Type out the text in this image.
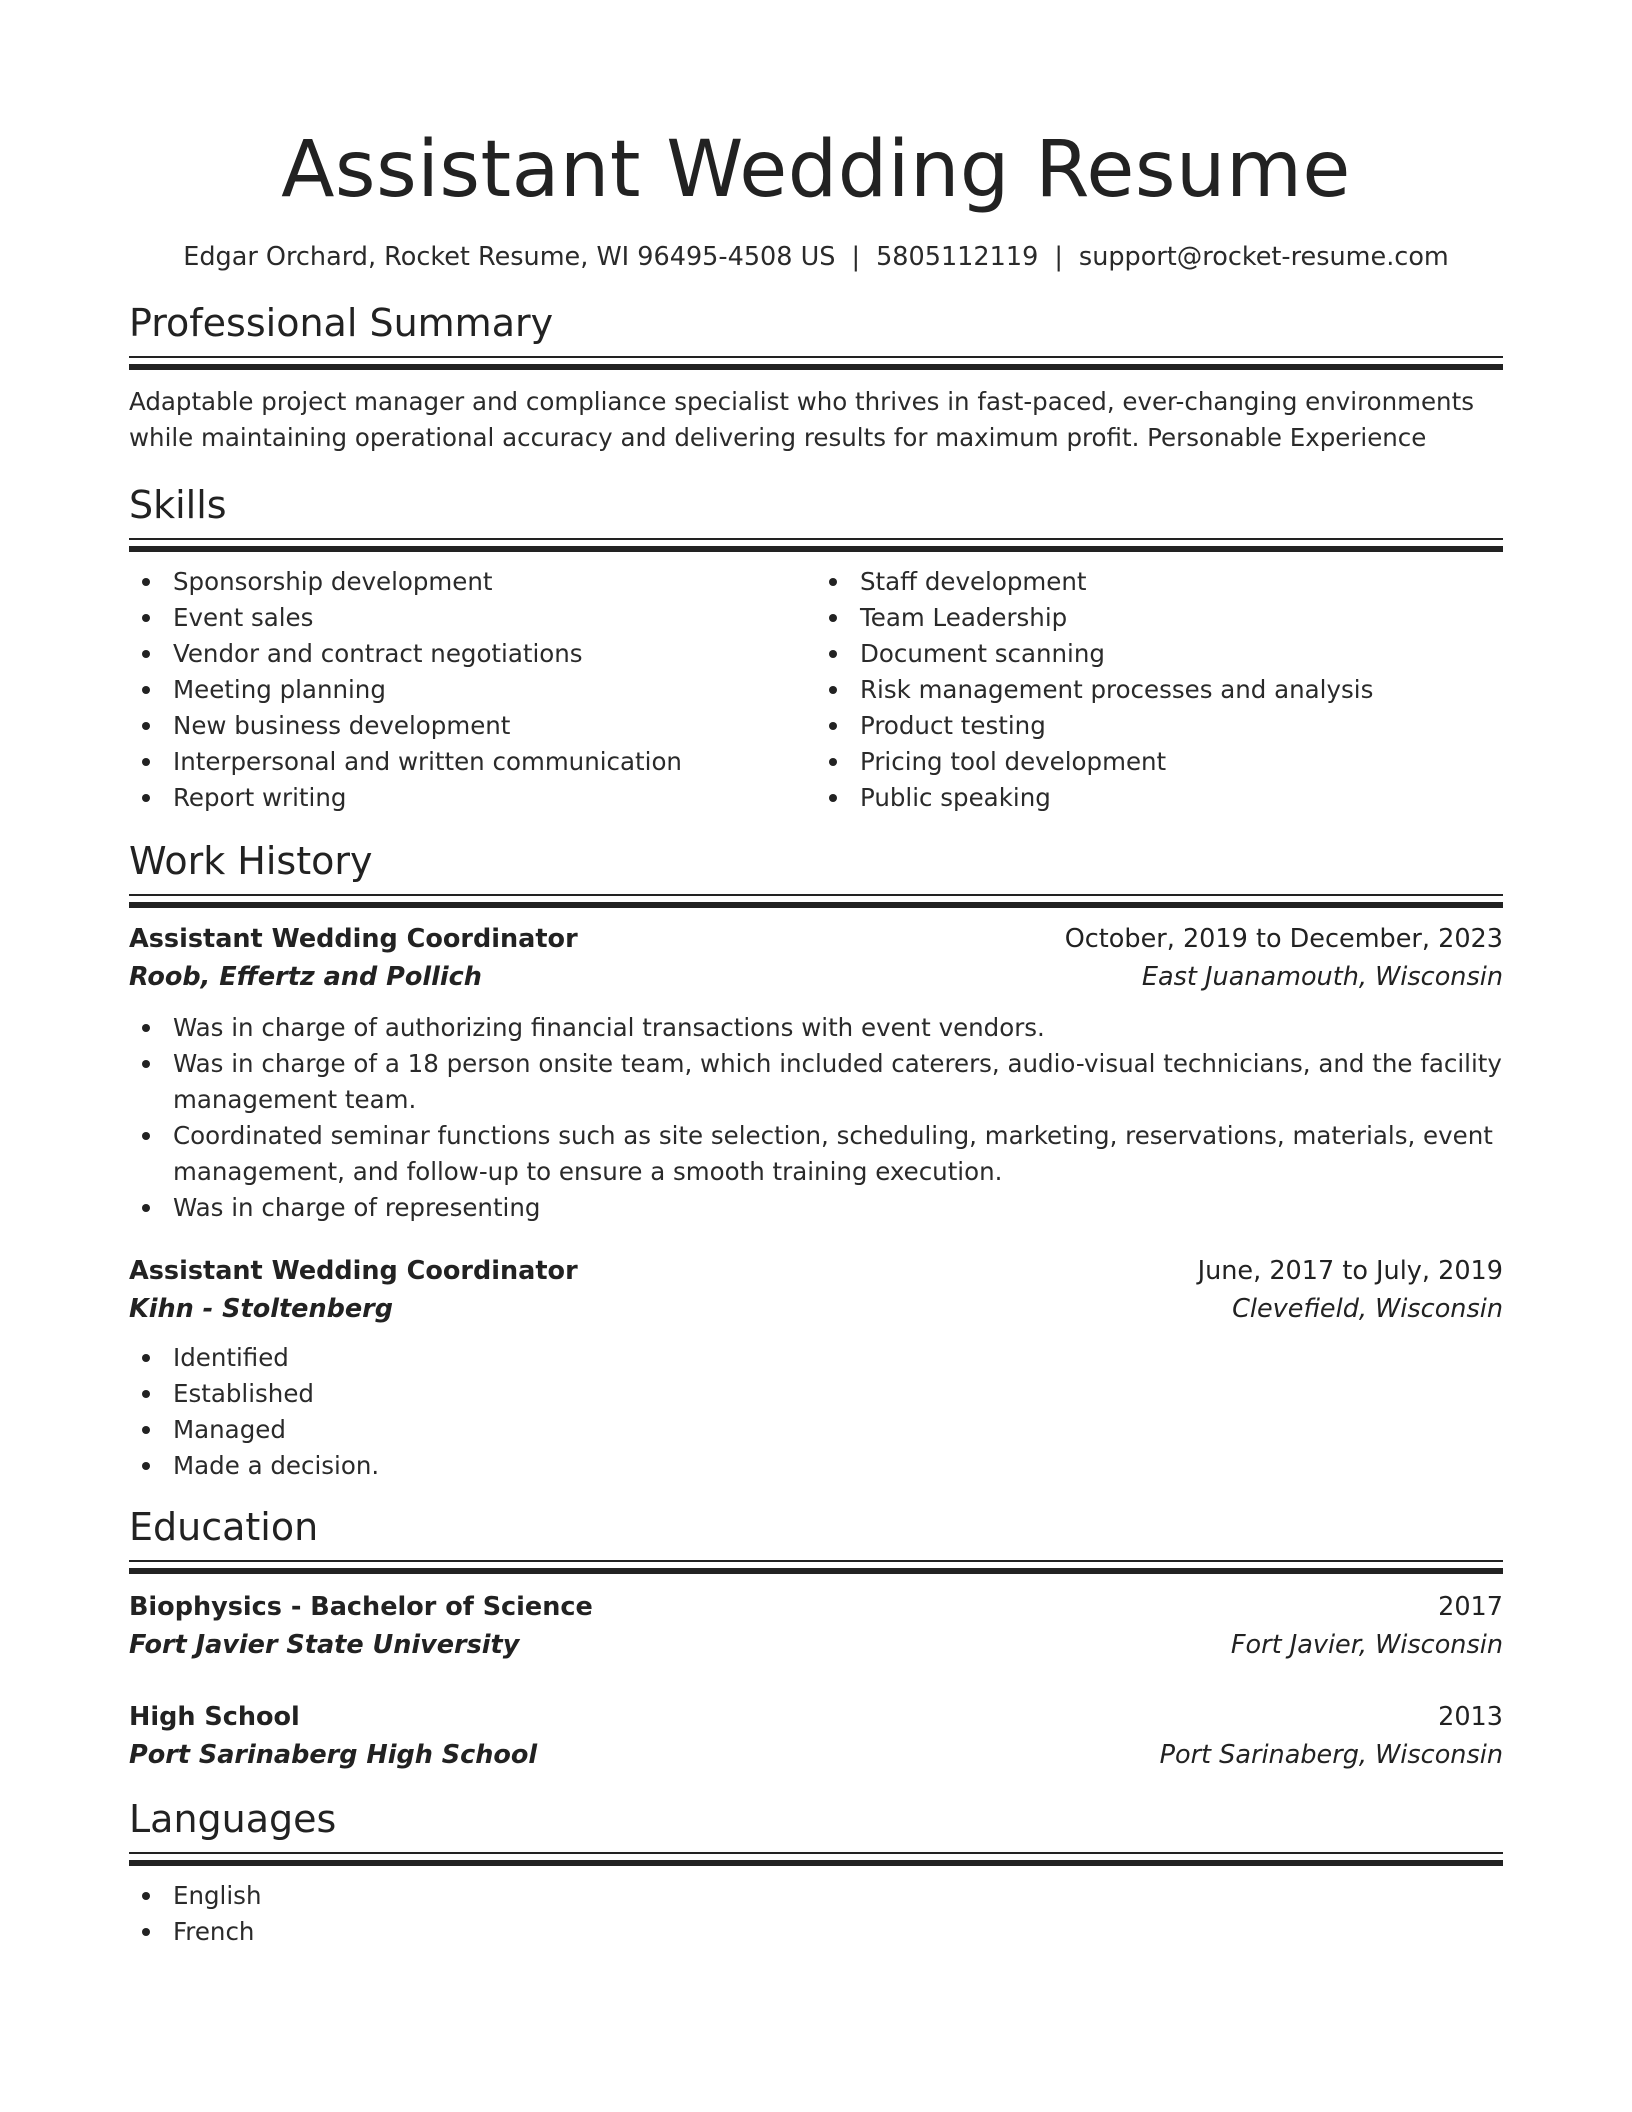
Assistant Wedding Resume
Edgar Orchard, Rocket Resume, WI 96495-4508 US | 5805112119 | support@rocket-resume.com
Professional Summary

Adaptable project manager and compliance specialist who thrives in fast-paced, ever-changing environments while maintaining operational accuracy and delivering results for maximum profit. Personable Experience

Skills
Sponsorship development
Event sales
Vendor and contract negotiations
Meeting planning
New business development
Interpersonal and written communication
Report writing
Staff development
Team Leadership
Document scanning
Risk management processes and analysis
Product testing
Pricing tool development
Public speaking
Work History
Assistant Wedding Coordinator	October, 2019 to December, 2023
Roob, Effertz and Pollich	East Juanamouth, Wisconsin
Was in charge of authorizing financial transactions with event vendors.
Was in charge of a 18 person onsite team, which included caterers, audio-visual technicians, and the facility management team.
Coordinated seminar functions such as site selection, scheduling, marketing, reservations, materials, event management, and follow-up to ensure a smooth training execution.
Was in charge of representing
Assistant Wedding Coordinator	June, 2017 to July, 2019
Kihn - Stoltenberg	Clevefield, Wisconsin
Identified
Established
Managed
Made a decision.
Education
Biophysics - Bachelor of Science	2017
Fort Javier State University	Fort Javier, Wisconsin
High School	2013
Port Sarinaberg High School	Port Sarinaberg, Wisconsin
Languages
English
French
